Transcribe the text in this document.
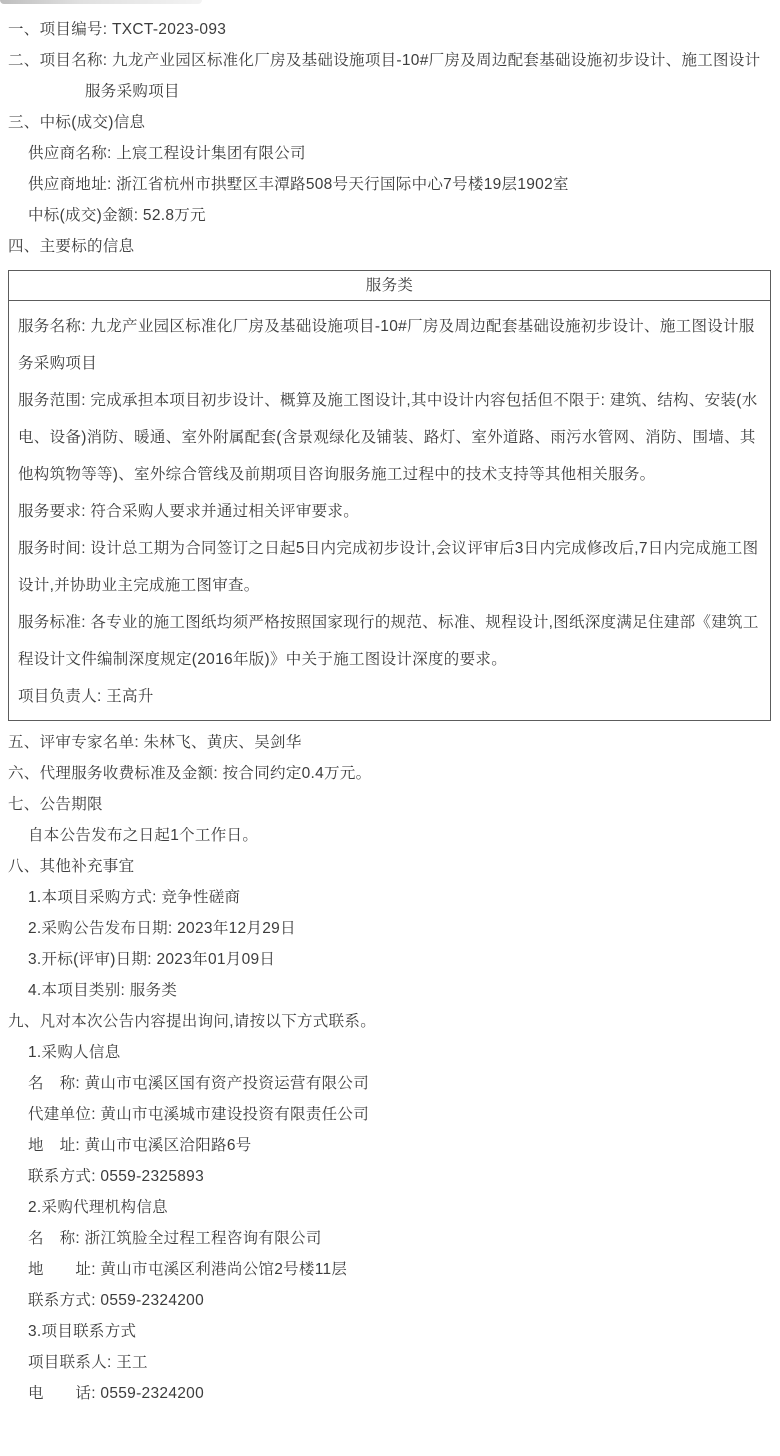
一、项目编号: TXCT-2023-093

二、项目名称: 九龙产业园区标准化厂房及基础设施项目-10#厂房及周边配套基础设施初步设计、施工图设计服务采购项目

三、中标(成交)信息

供应商名称: 上宸工程设计集团有限公司

供应商地址: 浙江省杭州市拱墅区丰潭路508号天行国际中心7号楼19层1902室

中标(成交)金额: 52.8万元

四、主要标的信息

服务类

服务名称: 九龙产业园区标准化厂房及基础设施项目-10#厂房及周边配套基础设施初步设计、施工图设计服务采购项目

服务范围: 完成承担本项目初步设计、概算及施工图设计,其中设计内容包括但不限于: 建筑、结构、安装(水电、设备)消防、暖通、室外附属配套(含景观绿化及铺装、路灯、室外道路、雨污水管网、消防、围墙、其他构筑物等等)、室外综合管线及前期项目咨询服务施工过程中的技术支持等其他相关服务。

服务要求: 符合采购人要求并通过相关评审要求。

服务时间: 设计总工期为合同签订之日起5日内完成初步设计,会议评审后3日内完成修改后,7日内完成施工图设计,并协助业主完成施工图审查。

服务标准: 各专业的施工图纸均须严格按照国家现行的规范、标准、规程设计,图纸深度满足住建部《建筑工程设计文件编制深度规定(2016年版)》中关于施工图设计深度的要求。

项目负责人: 王高升

五、评审专家名单: 朱林飞、黄庆、吴剑华

六、代理服务收费标准及金额: 按合同约定0.4万元。

七、公告期限

自本公告发布之日起1个工作日。

八、其他补充事宜

1.本项目采购方式: 竞争性磋商

2.采购公告发布日期: 2023年12月29日

3.开标(评审)日期: 2023年01月09日

4.本项目类别: 服务类

九、凡对本次公告内容提出询问,请按以下方式联系。

1.采购人信息

名　称: 黄山市屯溪区国有资产投资运营有限公司

代建单位: 黄山市屯溪城市建设投资有限责任公司

地　址: 黄山市屯溪区洽阳路6号

联系方式: 0559-2325893

2.采购代理机构信息

名　称: 浙江筑脸全过程工程咨询有限公司

地　　址: 黄山市屯溪区利港尚公馆2号楼11层

联系方式: 0559-2324200

3.项目联系方式

项目联系人: 王工

电　　话: 0559-2324200
